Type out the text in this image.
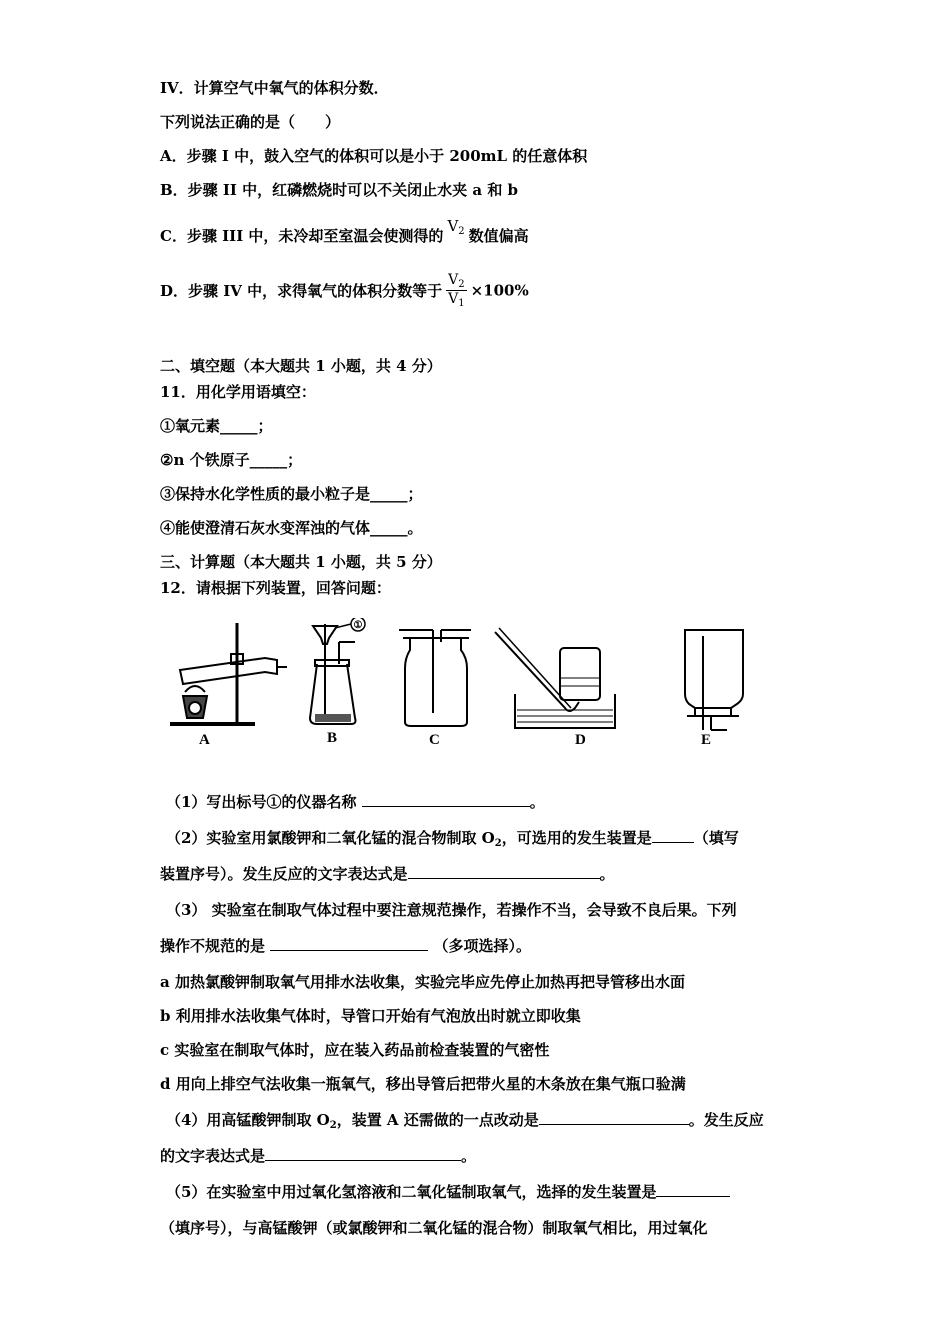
IV．计算空气中氧气的体积分数．
下列说法正确的是（　　）
A．步骤 I 中，鼓入空气的体积可以是小于 200mL 的任意体积
B．步骤 II 中，红磷燃烧时可以不关闭止水夹 a 和 b
C．步骤 III 中，未冷却至室温会使测得的$V_2$ 数值偏高
D．步骤 IV 中，求得氧气的体积分数等于 $\frac{V_2}{V_1} \times 100\%$
二、填空题（本大题共 1 小题，共 4 分）
11．用化学用语填空：
①氧元素_____；
②n 个铁原子_____；
③保持水化学性质的最小粒子是_____；
④能使澄清石灰水变浑浊的气体_____。
三、计算题（本大题共 1 小题，共 5 分）
12．请根据下列装置，回答问题：
①
A	B	C	D	E
（1）写出标号①的仪器名称	。
（2）实验室用氯酸钾和二氧化锰的混合物制取 $O_2$，可选用的发生装置是	（填写
装置序号）。发生反应的文字表达式是	。
（3） 实验室在制取气体过程中要注意规范操作，若操作不当，会导致不良后果。下列
操作不规范的是	（多项选择）。
a 加热氯酸钾制取氧气用排水法收集，实验完毕应先停止加热再把导管移出水面
b 利用排水法收集气体时，导管口开始有气泡放出时就立即收集
c 实验室在制取气体时，应在装入药品前检查装置的气密性
d 用向上排空气法收集一瓶氧气，移出导管后把带火星的木条放在集气瓶口验满
（4）用高锰酸钾制取 $O_2$，装置 A 还需做的一点改动是	。发生反应
的文字表达式是	。
（5）在实验室中用过氧化氢溶液和二氧化锰制取氧气，选择的发生装置是
（填序号），与高锰酸钾（或氯酸钾和二氧化锰的混合物）制取氧气相比，用过氧化
